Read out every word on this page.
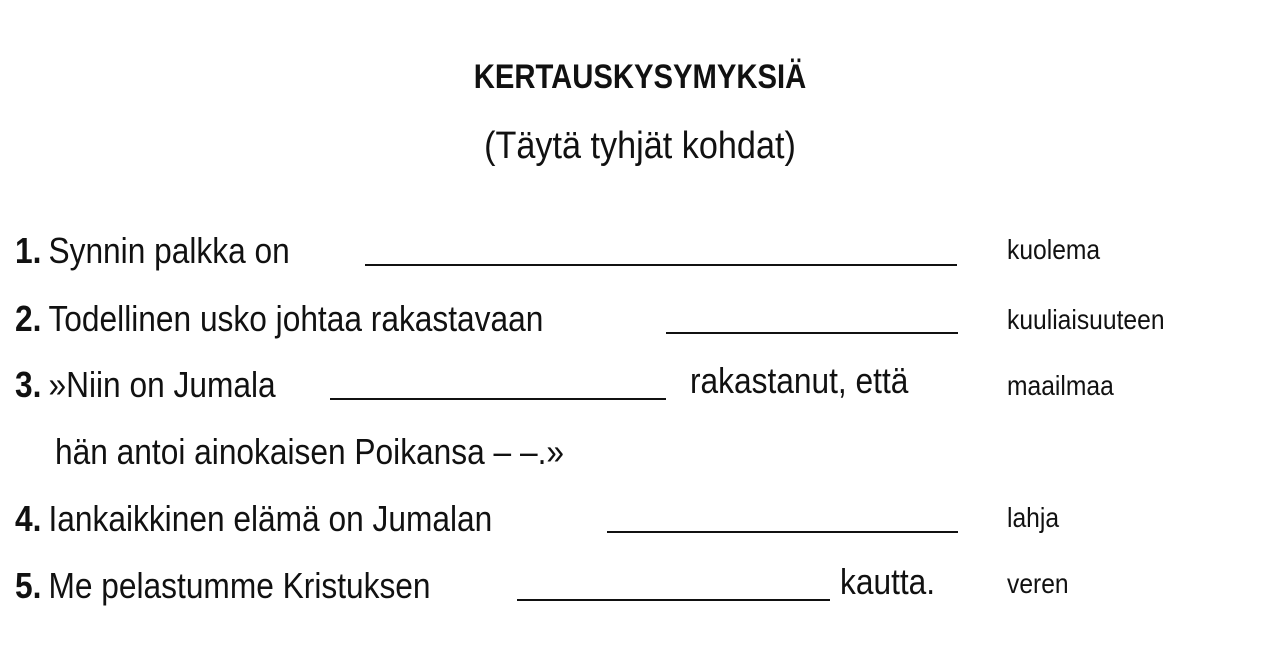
KERTAUSKYSYMYKSIÄ
(Täytä tyhjät kohdat)
1. Synnin palkka on	kuolema
2. Todellinen usko johtaa rakastavaan	kuuliaisuuteen
3. »Niin on Jumala	rakastanut, että	maailmaa
hän antoi ainokaisen Poikansa – –.»
4. Iankaikkinen elämä on Jumalan	lahja
5. Me pelastumme Kristuksen	kautta.	veren
